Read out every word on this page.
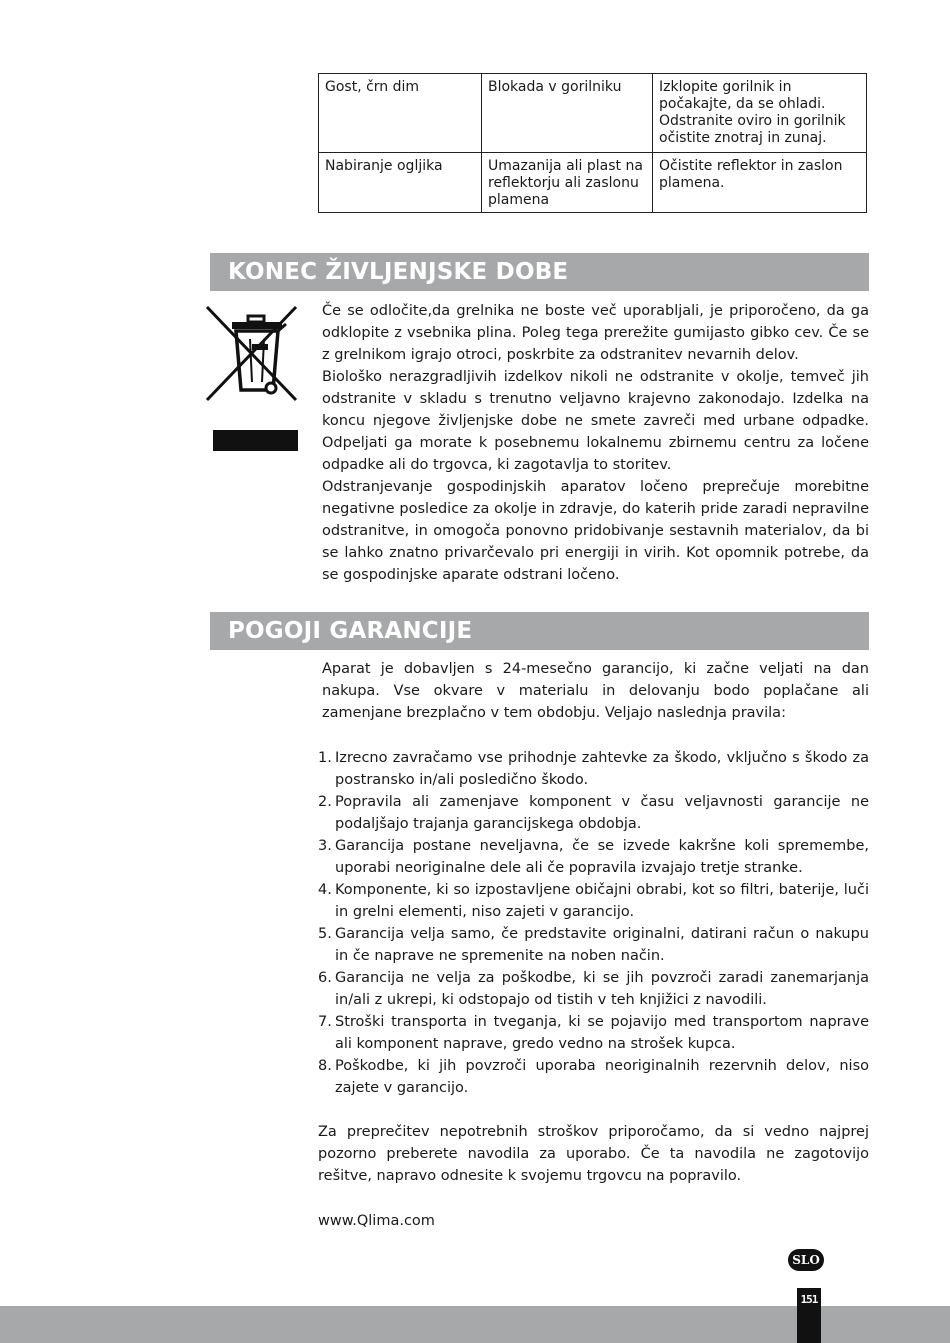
Gost, črn dim	Blokada v gorilniku	Izklopite gorilnik in počakajte, da se ohladi. Odstranite oviro in gorilnik očistite znotraj in zunaj.
Nabiranje ogljika	Umazanija ali plast na reflektorju ali zaslonu plamena	Očistite reflektor in zaslon plamena.
KONEC ŽIVLJENJSKE DOBE

Če se odločite,da grelnika ne boste več uporabljali, je priporočeno, da ga odklopite z vsebnika plina. Poleg tega prerežite gumijasto gibko cev. Če se z grelnikom igrajo otroci, poskrbite za odstranitev nevarnih delov.

Biološko nerazgradljivih izdelkov nikoli ne odstranite v okolje, temveč jih odstranite v skladu s trenutno veljavno krajevno zakonodajo. Izdelka na koncu njegove življenjske dobe ne smete zavreči med urbane odpadke. Odpeljati ga morate k posebnemu lokalnemu zbirnemu centru za ločene odpadke ali do trgovca, ki zagotavlja to storitev.

Odstranjevanje gospodinjskih aparatov ločeno preprečuje morebitne negativne posledice za okolje in zdravje, do katerih pride zaradi nepravilne odstranitve, in omogoča ponovno pridobivanje sestavnih materialov, da bi se lahko znatno privarčevalo pri energiji in virih. Kot opomnik potrebe, da se gospodinjske aparate odstrani ločeno.

POGOJI GARANCIJE

Aparat je dobavljen s 24-mesečno garancijo, ki začne veljati na dan nakupa. Vse okvare v materialu in delovanju bodo poplačane ali zamenjane brezplačno v tem obdobju. Veljajo naslednja pravila:

1. Izrecno zavračamo vse prihodnje zahtevke za škodo, vključno s škodo za postransko in/ali posledično škodo.
2. Popravila ali zamenjave komponent v času veljavnosti garancije ne podaljšajo trajanja garancijskega obdobja.
3. Garancija postane neveljavna, če se izvede kakršne koli spremembe, uporabi neoriginalne dele ali če popravila izvajajo tretje stranke.
4. Komponente, ki so izpostavljene običajni obrabi, kot so filtri, baterije, luči in grelni elementi, niso zajeti v garancijo.
5. Garancija velja samo, če predstavite originalni, datirani račun o nakupu in če naprave ne spremenite na noben način.
6. Garancija ne velja za poškodbe, ki se jih povzroči zaradi zanemarjanja in/ali z ukrepi, ki odstopajo od tistih v teh knjižici z navodili.
7. Stroški transporta in tveganja, ki se pojavijo med transportom naprave ali komponent naprave, gredo vedno na strošek kupca.
8. Poškodbe, ki jih povzroči uporaba neoriginalnih rezervnih delov, niso zajete v garancijo.

Za preprečitev nepotrebnih stroškov priporočamo, da si vedno najprej pozorno preberete navodila za uporabo. Če ta navodila ne zagotovijo rešitve, napravo odnesite k svojemu trgovcu na popravilo.

www.Qlima.com
SLO
151
